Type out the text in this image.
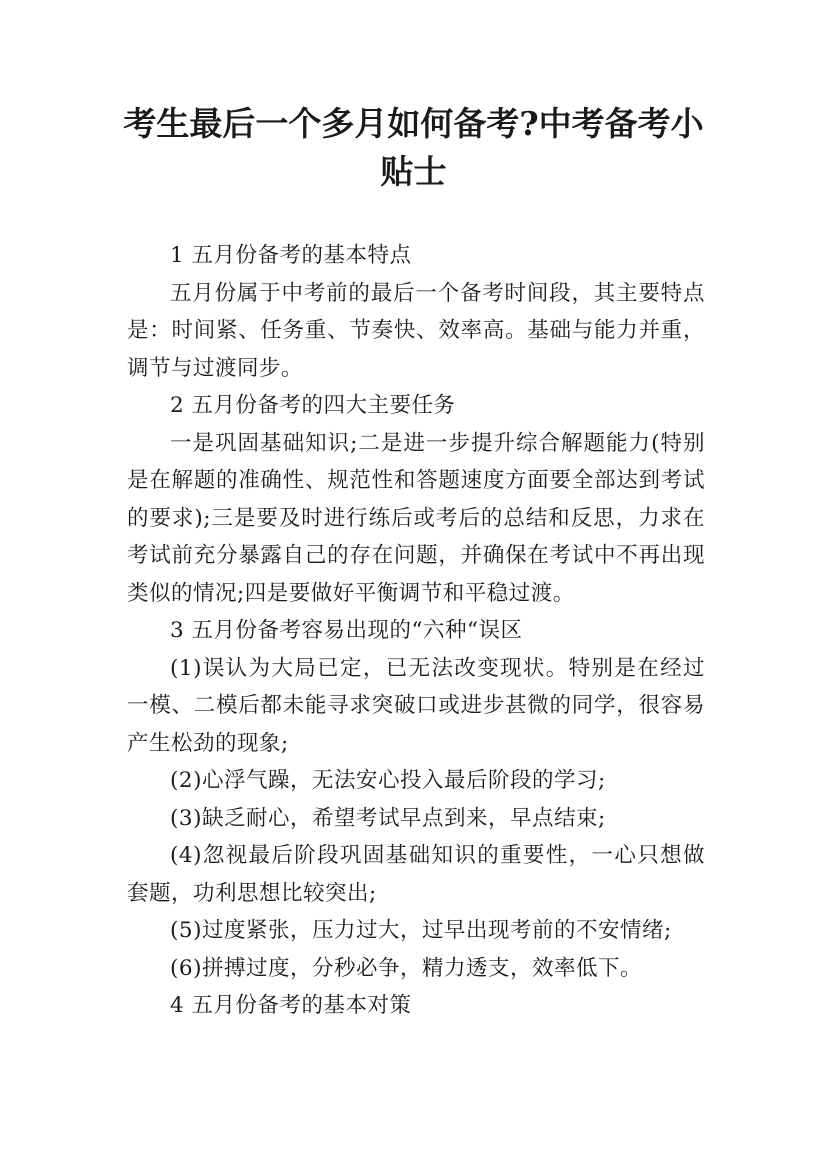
考生最后一个多月如何备考?中考备考小贴士

1 五月份备考的基本特点

五月份属于中考前的最后一个备考时间段，其主要特点是：时间紧、任务重、节奏快、效率高。基础与能力并重，调节与过渡同步。

2 五月份备考的四大主要任务

一是巩固基础知识;二是进一步提升综合解题能力(特别是在解题的准确性、规范性和答题速度方面要全部达到考试的要求);三是要及时进行练后或考后的总结和反思，力求在考试前充分暴露自己的存在问题，并确保在考试中不再出现类似的情况;四是要做好平衡调节和平稳过渡。

3 五月份备考容易出现的“六种“误区

(1)误认为大局已定，已无法改变现状。特别是在经过一模、二模后都未能寻求突破口或进步甚微的同学，很容易产生松劲的现象;

(2)心浮气躁，无法安心投入最后阶段的学习;

(3)缺乏耐心，希望考试早点到来，早点结束;

(4)忽视最后阶段巩固基础知识的重要性，一心只想做套题，功利思想比较突出;

(5)过度紧张，压力过大，过早出现考前的不安情绪;

(6)拼搏过度，分秒必争，精力透支，效率低下。

4 五月份备考的基本对策
